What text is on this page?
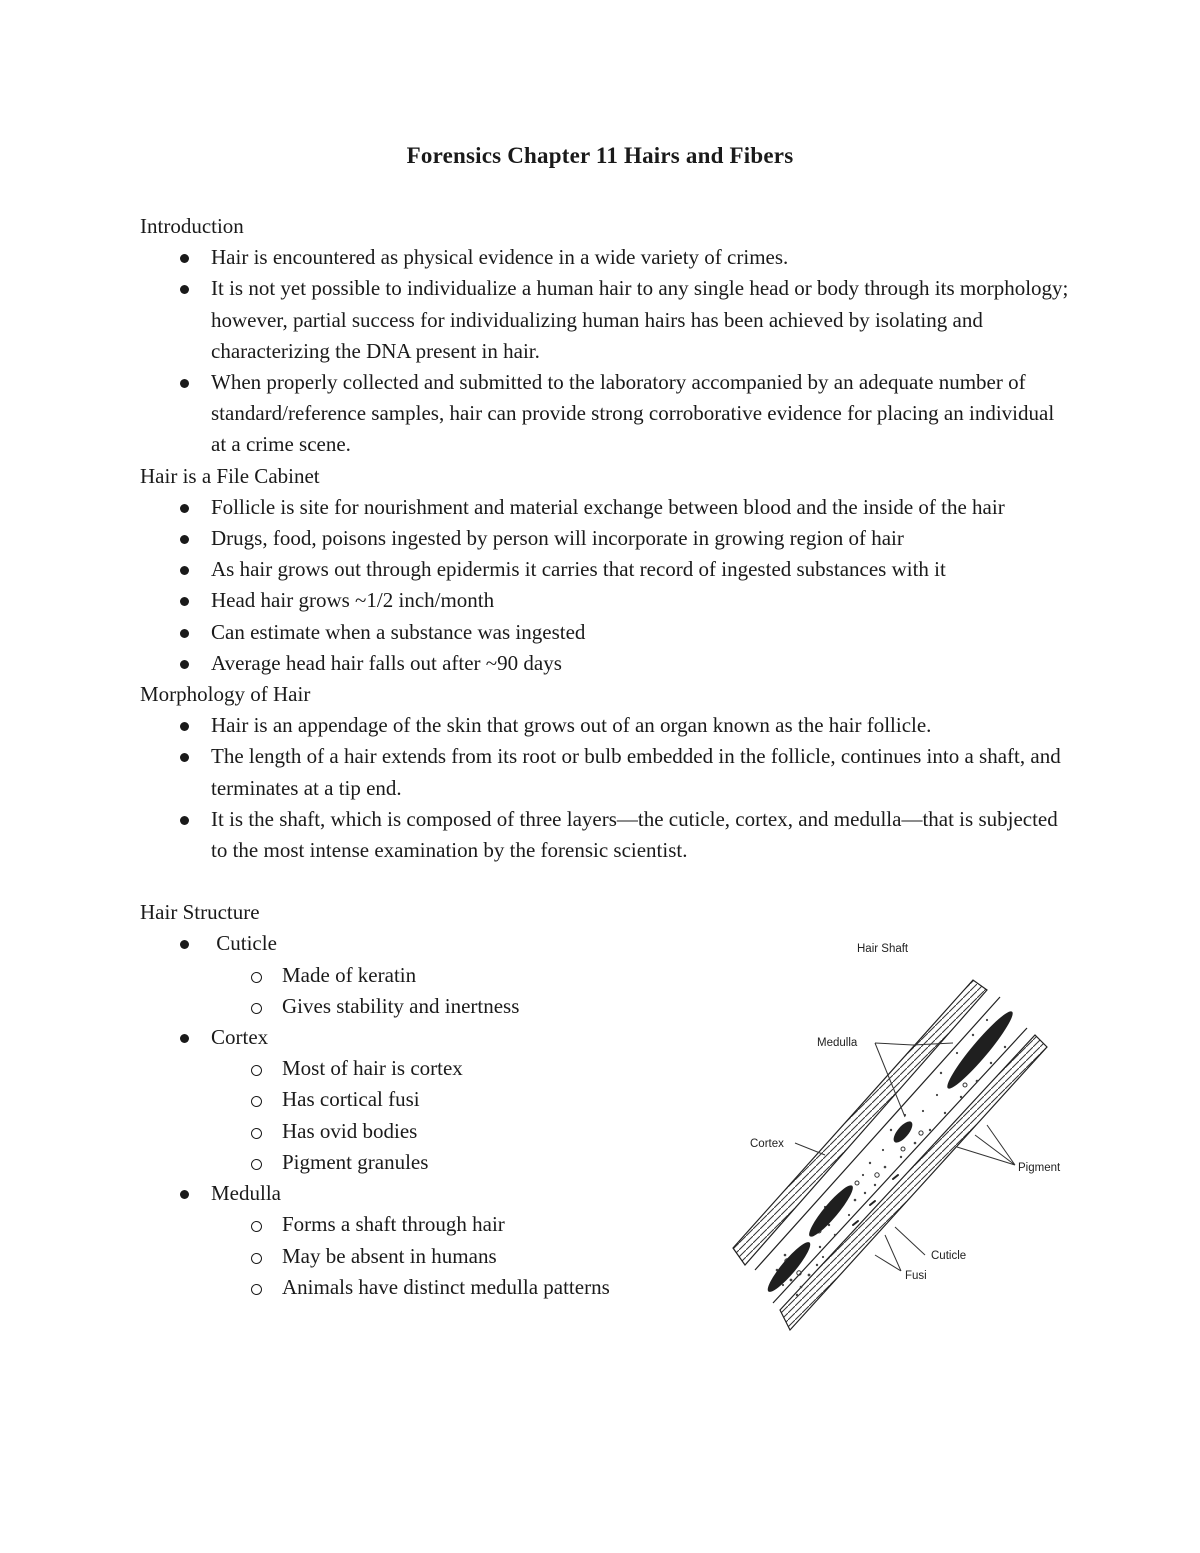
Forensics Chapter 11 Hairs and Fibers
Introduction
Hair is encountered as physical evidence in a wide variety of crimes.
It is not yet possible to individualize a human hair to any single head or body through its morphology; however, partial success for individualizing human hairs has been achieved by isolating and characterizing the DNA present in hair.
When properly collected and submitted to the laboratory accompanied by an adequate number of standard/reference samples, hair can provide strong corroborative evidence for placing an individual at a crime scene.
Hair is a File Cabinet
Follicle is site for nourishment and material exchange between blood and the inside of the hair
Drugs, food, poisons ingested by person will incorporate in growing region of hair
As hair grows out through epidermis it carries that record of ingested substances with it
Head hair grows ~1/2 inch/month
Can estimate when a substance was ingested
Average head hair falls out after ~90 days
Morphology of Hair
Hair is an appendage of the skin that grows out of an organ known as the hair follicle.
The length of a hair extends from its root or bulb embedded in the follicle, continues into a shaft, and terminates at a tip end.
It is the shaft, which is composed of three layers—the cuticle, cortex, and medulla—that is subjected to the most intense examination by the forensic scientist.
Hair Structure
Cuticle
Made of keratin
Gives stability and inertness
Cortex
Most of hair is cortex
Has cortical fusi
Has ovid bodies
Pigment granules
Medulla
Forms a shaft through hair
May be absent in humans
Animals have distinct medulla patterns
Hair Shaft
Medulla
Cortex
Pigment
Cuticle
Fusi
